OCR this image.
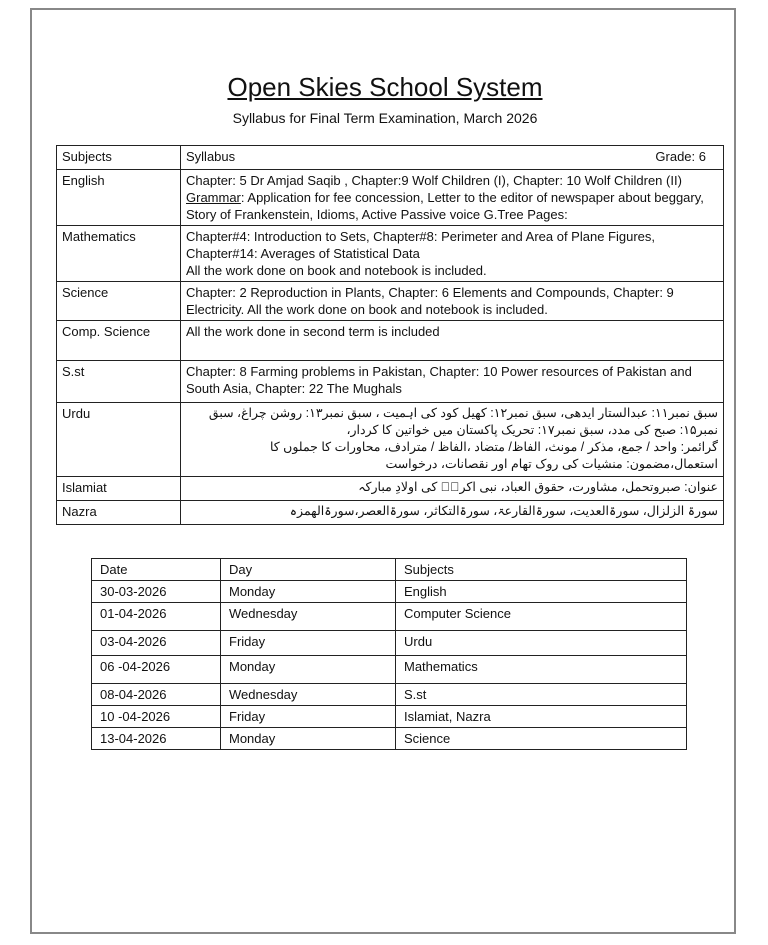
Open Skies School System
Syllabus for Final Term Examination, March 2026
Subjects	Syllabus Grade: 6

English	Chapter: 5 Dr Amjad Saqib , Chapter:9 Wolf Children (I), Chapter: 10 Wolf Children (II)
Grammar: Application for fee concession, Letter to the editor of newspaper about beggary, Story of Frankenstein, Idioms, Active Passive voice G.Tree Pages:

Mathematics	Chapter#4: Introduction to Sets, Chapter#8: Perimeter and Area of Plane Figures, Chapter#14: Averages of Statistical Data
All the work done on book and notebook is included.

Science	Chapter: 2 Reproduction in Plants, Chapter: 6 Elements and Compounds, Chapter: 9 Electricity. All the work done on book and notebook is included.
Comp. Science	All the work done in second term is included
S.st	Chapter: 8 Farming problems in Pakistan, Chapter: 10 Power resources of Pakistan and South Asia, Chapter: 22 The Mughals
Urdu	سبق نمبر۱۱: عبدالستار ایدھی، سبق نمبر۱۲: کھیل کود کی اہمیت ، سبق نمبر۱۳: روشن چراغ، سبق نمبر۱۵: صبح کی مدد، سبق نمبر۱۷: تحریک پاکستان میں خواتین کا کردار،
گرائمر: واحد / جمع، مذکر / مونث، الفاظ/ متضاد ،الفاظ / مترادف، محاورات کا جملوں کا استعمال،مضمون: منشیات کی روک تھام اور نقصانات، درخواست

Islamiat	عنوان: صبروتحمل، مشاورت، حقوق العباد، نبی اکرمؐ کی اولادِ مبارکہ
Nazra	سورۃ الزلزال، سورۃالعدیت، سورۃالقارعۃ، سورۃالتکاثر، سورۃالعصر،سورۃالھمزہ
Date	Day	Subjects
30-03-2026	Monday	English
01-04-2026	Wednesday	Computer Science
03-04-2026	Friday	Urdu
06 -04-2026	Monday	Mathematics
08-04-2026	Wednesday	S.st
10 -04-2026	Friday	Islamiat, Nazra
13-04-2026	Monday	Science
